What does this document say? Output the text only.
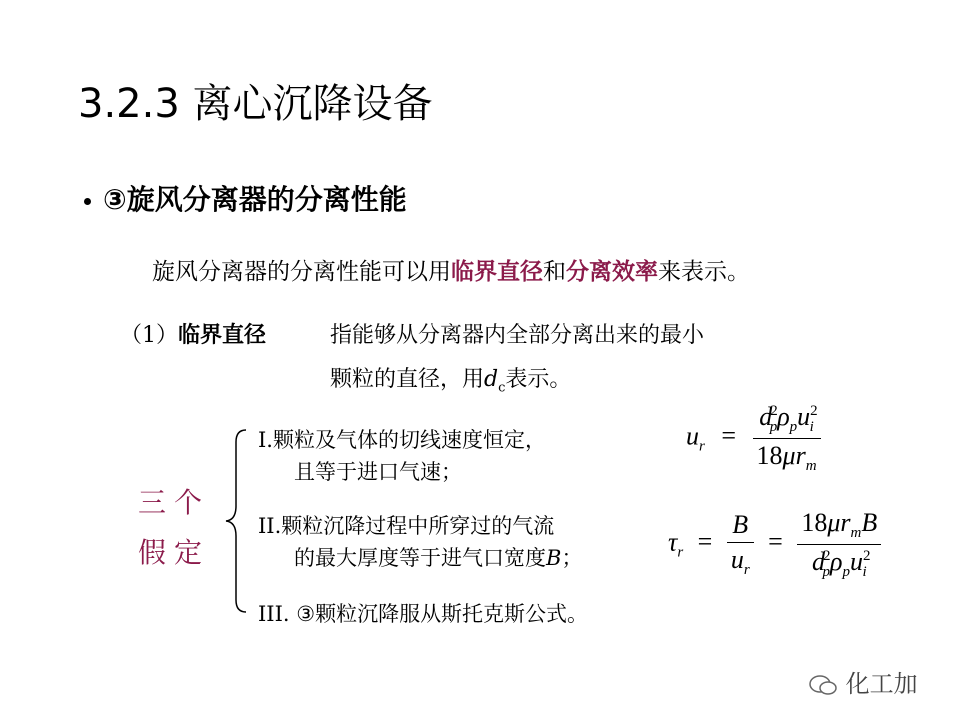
3.2.3 离心沉降设备
③旋风分离器的分离性能
旋风分离器的分离性能可以用临界直径和分离效率来表示。
（1）临界直径	指能够从分离器内全部分离出来的最小
颗粒的直径，用$d_c$表示。
三个
假定
I.颗粒及气体的切线速度恒定，
且等于进口气速；
II.颗粒沉降过程中所穿过的气流
的最大厚度等于进气口宽度B；
III. ③颗粒沉降服从斯托克斯公式。
$u_r = \frac{d^2_p\rho_pu^2_i}{18\mu r_m}$
$\tau_r = \frac{B}{u_r} = \frac{18\mu r_mB}{d^2_p\rho_pu^2_i}$
化工加
